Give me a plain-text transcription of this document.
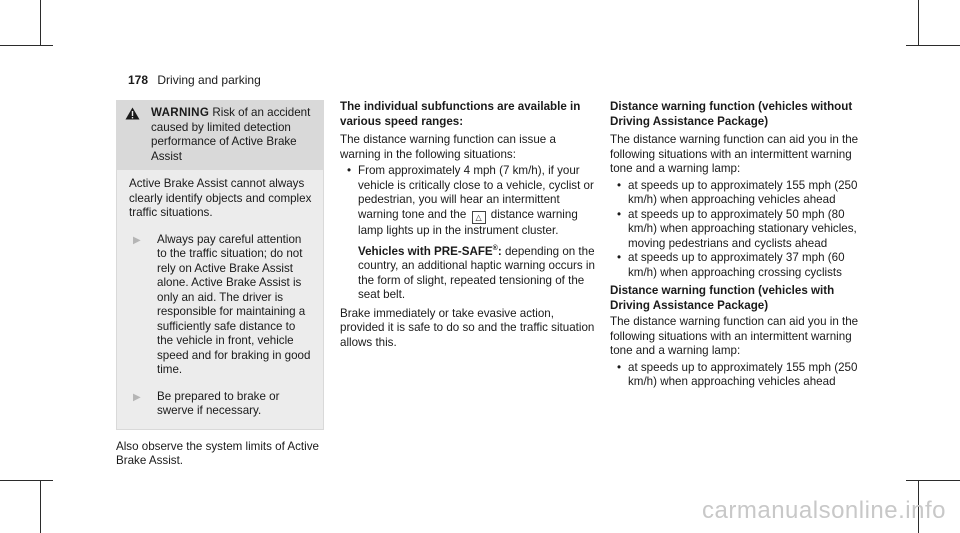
178 Driving and parking
WARNING Risk of an accident caused by limited detection performance of Active Brake Assist

Active Brake Assist cannot always clearly identify objects and complex traffic situations.

▶	Always pay careful attention to the traffic situation; do not rely on Active Brake Assist alone. Active Brake Assist is only an aid. The driver is responsible for maintaining a sufficiently safe distance to the vehicle in front, vehicle speed and for braking in good time.
▶	Be prepared to brake or swerve if necessary.

Also observe the system limits of Active Brake Assist.

The individual subfunctions are available in various speed ranges:

The distance warning function can issue a warning in the following situations:

• From approximately 4 mph (7 km/h), if your vehicle is critically close to a vehicle, cyclist or pedestrian, you will hear an intermittent warning tone and the △ distance warning lamp lights up in the instrument cluster.

Vehicles with PRE-SAFE®: depending on the country, an additional haptic warning occurs in the form of slight, repeated tensioning of the seat belt.

Brake immediately or take evasive action, provided it is safe to do so and the traffic situation allows this.

Distance warning function (vehicles without Driving Assistance Package)

The distance warning function can aid you in the following situations with an intermittent warning tone and a warning lamp:

• at speeds up to approximately 155 mph (250 km/h) when approaching vehicles ahead
• at speeds up to approximately 50 mph (80 km/h) when approaching stationary vehicles, moving pedestrians and cyclists ahead
• at speeds up to approximately 37 mph (60 km/h) when approaching crossing cyclists
Distance warning function (vehicles with Driving Assistance Package)

The distance warning function can aid you in the following situations with an intermittent warning tone and a warning lamp:

• at speeds up to approximately 155 mph (250 km/h) when approaching vehicles ahead
carmanualsonline.info
